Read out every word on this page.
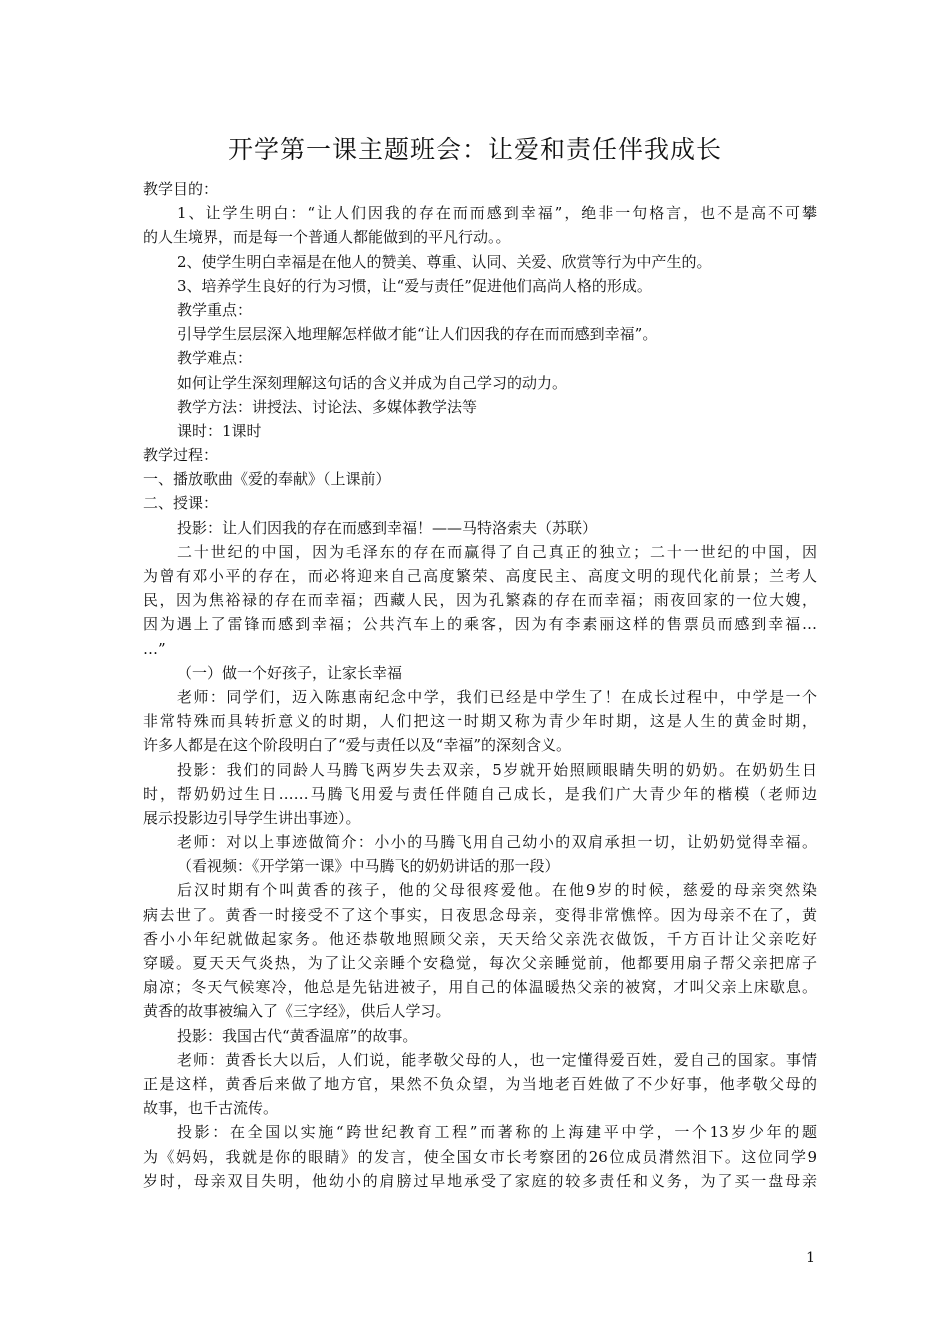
开学第一课主题班会：让爱和责任伴我成长
教学目的：
1、让学生明白：“让人们因我的存在而而感到幸福”，绝非一句格言，也不是高不可攀
的人生境界，而是每一个普通人都能做到的平凡行动。。
2、使学生明白幸福是在他人的赞美、尊重、认同、关爱、欣赏等行为中产生的。
3、培养学生良好的行为习惯，让“爱与责任”促进他们高尚人格的形成。
教学重点：
引导学生层层深入地理解怎样做才能“让人们因我的存在而而感到幸福”。
教学难点：
如何让学生深刻理解这句话的含义并成为自己学习的动力。
教学方法：讲授法、讨论法、多媒体教学法等
课时：1课时
教学过程：
一、播放歌曲《爱的奉献》（上课前）
二、授课：
投影：让人们因我的存在而感到幸福！——马特洛索夫（苏联）
二十世纪的中国，因为毛泽东的存在而赢得了自己真正的独立；二十一世纪的中国，因
为曾有邓小平的存在，而必将迎来自己高度繁荣、高度民主、高度文明的现代化前景；兰考人
民，因为焦裕禄的存在而幸福；西藏人民，因为孔繁森的存在而幸福；雨夜回家的一位大嫂，
因为遇上了雷锋而感到幸福；公共汽车上的乘客，因为有李素丽这样的售票员而感到幸福…
…”
（一）做一个好孩子，让家长幸福
老师：同学们，迈入陈惠南纪念中学，我们已经是中学生了！在成长过程中，中学是一个
非常特殊而具转折意义的时期，人们把这一时期又称为青少年时期，这是人生的黄金时期，
许多人都是在这个阶段明白了“爱与责任以及“幸福”的深刻含义。
投影：我们的同龄人马腾飞两岁失去双亲，5岁就开始照顾眼睛失明的奶奶。在奶奶生日
时，帮奶奶过生日……马腾飞用爱与责任伴随自己成长，是我们广大青少年的楷模（老师边
展示投影边引导学生讲出事迹）。
老师：对以上事迹做简介：小小的马腾飞用自己幼小的双肩承担一切，让奶奶觉得幸福。
（看视频：《开学第一课》中马腾飞的奶奶讲话的那一段）
后汉时期有个叫黄香的孩子，他的父母很疼爱他。在他9岁的时候，慈爱的母亲突然染
病去世了。黄香一时接受不了这个事实，日夜思念母亲，变得非常憔悴。因为母亲不在了，黄
香小小年纪就做起家务。他还恭敬地照顾父亲，天天给父亲洗衣做饭，千方百计让父亲吃好
穿暖。夏天天气炎热，为了让父亲睡个安稳觉，每次父亲睡觉前，他都要用扇子帮父亲把席子
扇凉；冬天气候寒冷，他总是先钻进被子，用自己的体温暖热父亲的被窝，才叫父亲上床歇息。
黄香的故事被编入了《三字经》，供后人学习。
投影：我国古代“黄香温席”的故事。
老师：黄香长大以后，人们说，能孝敬父母的人，也一定懂得爱百姓，爱自己的国家。事情
正是这样，黄香后来做了地方官，果然不负众望，为当地老百姓做了不少好事，他孝敬父母的
故事，也千古流传。
投影：在全国以实施“跨世纪教育工程”而著称的上海建平中学，一个13岁少年的题
为《妈妈，我就是你的眼睛》的发言，使全国女市长考察团的26位成员潸然泪下。这位同学9
岁时，母亲双目失明，他幼小的肩膀过早地承受了家庭的较多责任和义务，为了买一盘母亲
1
